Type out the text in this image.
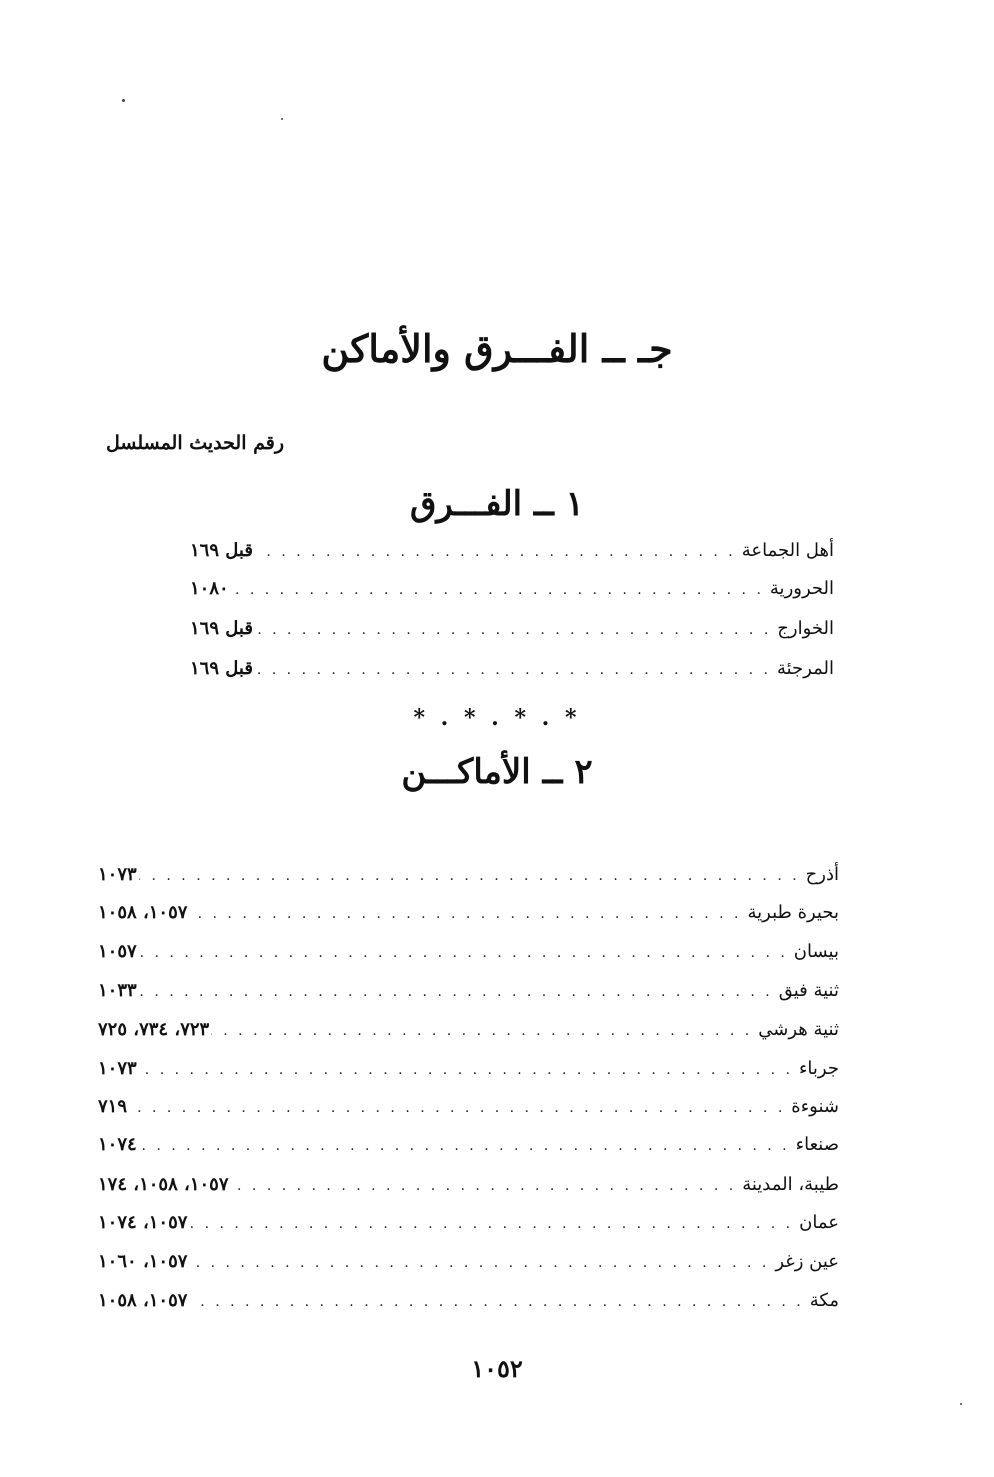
جـ ــ الفـــرق والأماكن
رقم الحديث المسلسل
١ ــ الفـــرق
أهل الجماعة
. . .
قبل ١٦٩
الحرورية
. . .
١٠٨٠
الخوارج
. . .
قبل ١٦٩
المرجئة
. . .
قبل ١٦٩
* . * . * . *
٢ ــ الأماكـــن
أذرح
. . .
١٠٧٣
بحيرة طبرية
. . .
١٠٥٧، ١٠٥٨
بيسان
. . .
١٠٥٧
ثنية فيق
. . .
١٠٣٣
ثنية هرشي
. . .
٧٢٣، ٧٣٤، ٧٢٥
جرباء
. . .
١٠٧٣
شنوءة
. . .
٧١٩
صنعاء
. . .
١٠٧٤
طيبة، المدينة
. . .
١٠٥٧، ١٠٥٨، ١٧٤
عمان
. . .
١٠٥٧، ١٠٧٤
عين زغر
. . .
١٠٥٧، ١٠٦٠
مكة
. . .
١٠٥٧، ١٠٥٨
١٠٥٢
